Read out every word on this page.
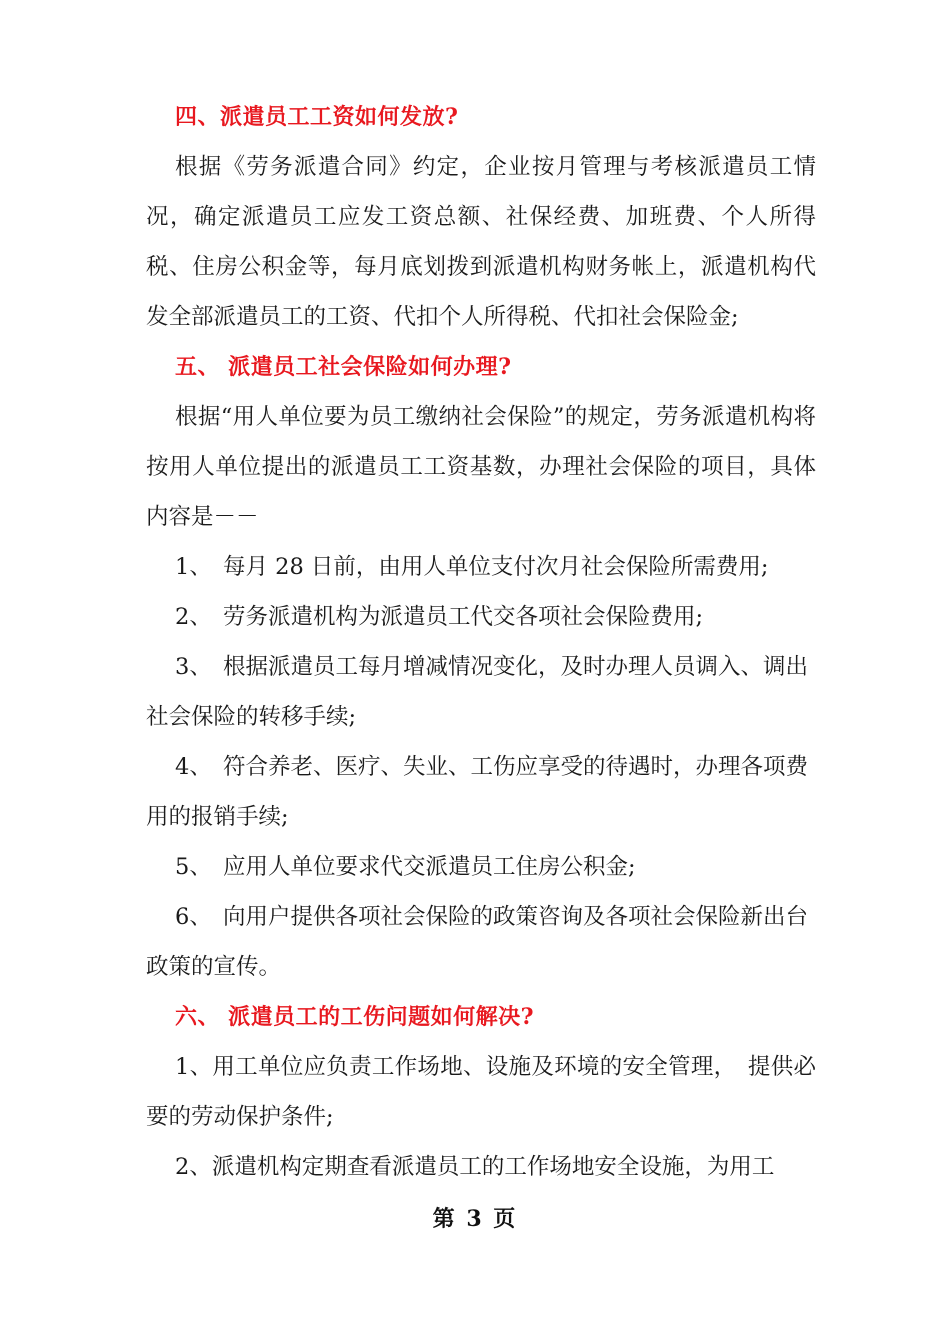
四、派遣员工工资如何发放?

根据《劳务派遣合同》约定，企业按月管理与考核派遣员工情况，确定派遣员工应发工资总额、社保经费、加班费、个人所得税、住房公积金等，每月底划拨到派遣机构财务帐上，派遣机构代发全部派遣员工的工资、代扣个人所得税、代扣社会保险金;

五、 派遣员工社会保险如何办理?

根据“用人单位要为员工缴纳社会保险”的规定，劳务派遣机构将按用人单位提出的派遣员工工资基数，办理社会保险的项目，具体内容是－－

1、 每月 28 日前，由用人单位支付次月社会保险所需费用;

2、 劳务派遣机构为派遣员工代交各项社会保险费用;

3、 根据派遣员工每月增减情况变化，及时办理人员调入、调出社会保险的转移手续;

4、 符合养老、医疗、失业、工伤应享受的待遇时，办理各项费用的报销手续;

5、 应用人单位要求代交派遣员工住房公积金;

6、 向用户提供各项社会保险的政策咨询及各项社会保险新出台政策的宣传。

六、 派遣员工的工伤问题如何解决?

1、用工单位应负责工作场地、设施及环境的安全管理，　提供必要的劳动保护条件;

2、派遣机构定期查看派遣员工的工作场地安全设施，为用工

第 3 页
